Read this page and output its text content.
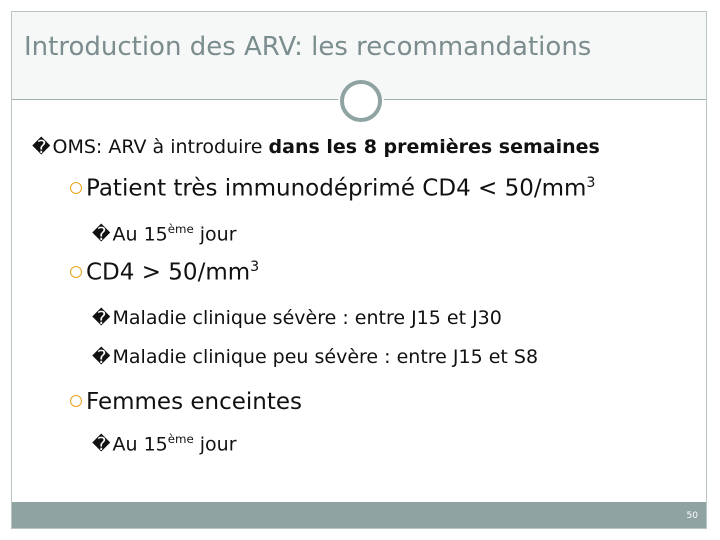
Introduction des ARV: les recommandations
� OMS: ARV à introduire dans les 8 premières semaines
Patient très immunodéprimé $CD4 < 50/mm^3$
� Au 15ème jour
$CD4 > 50/mm^3$
� Maladie clinique sévère : entre J15 et J30
� Maladie clinique peu sévère : entre J15 et S8
Femmes enceintes
� Au 15ème jour
50
